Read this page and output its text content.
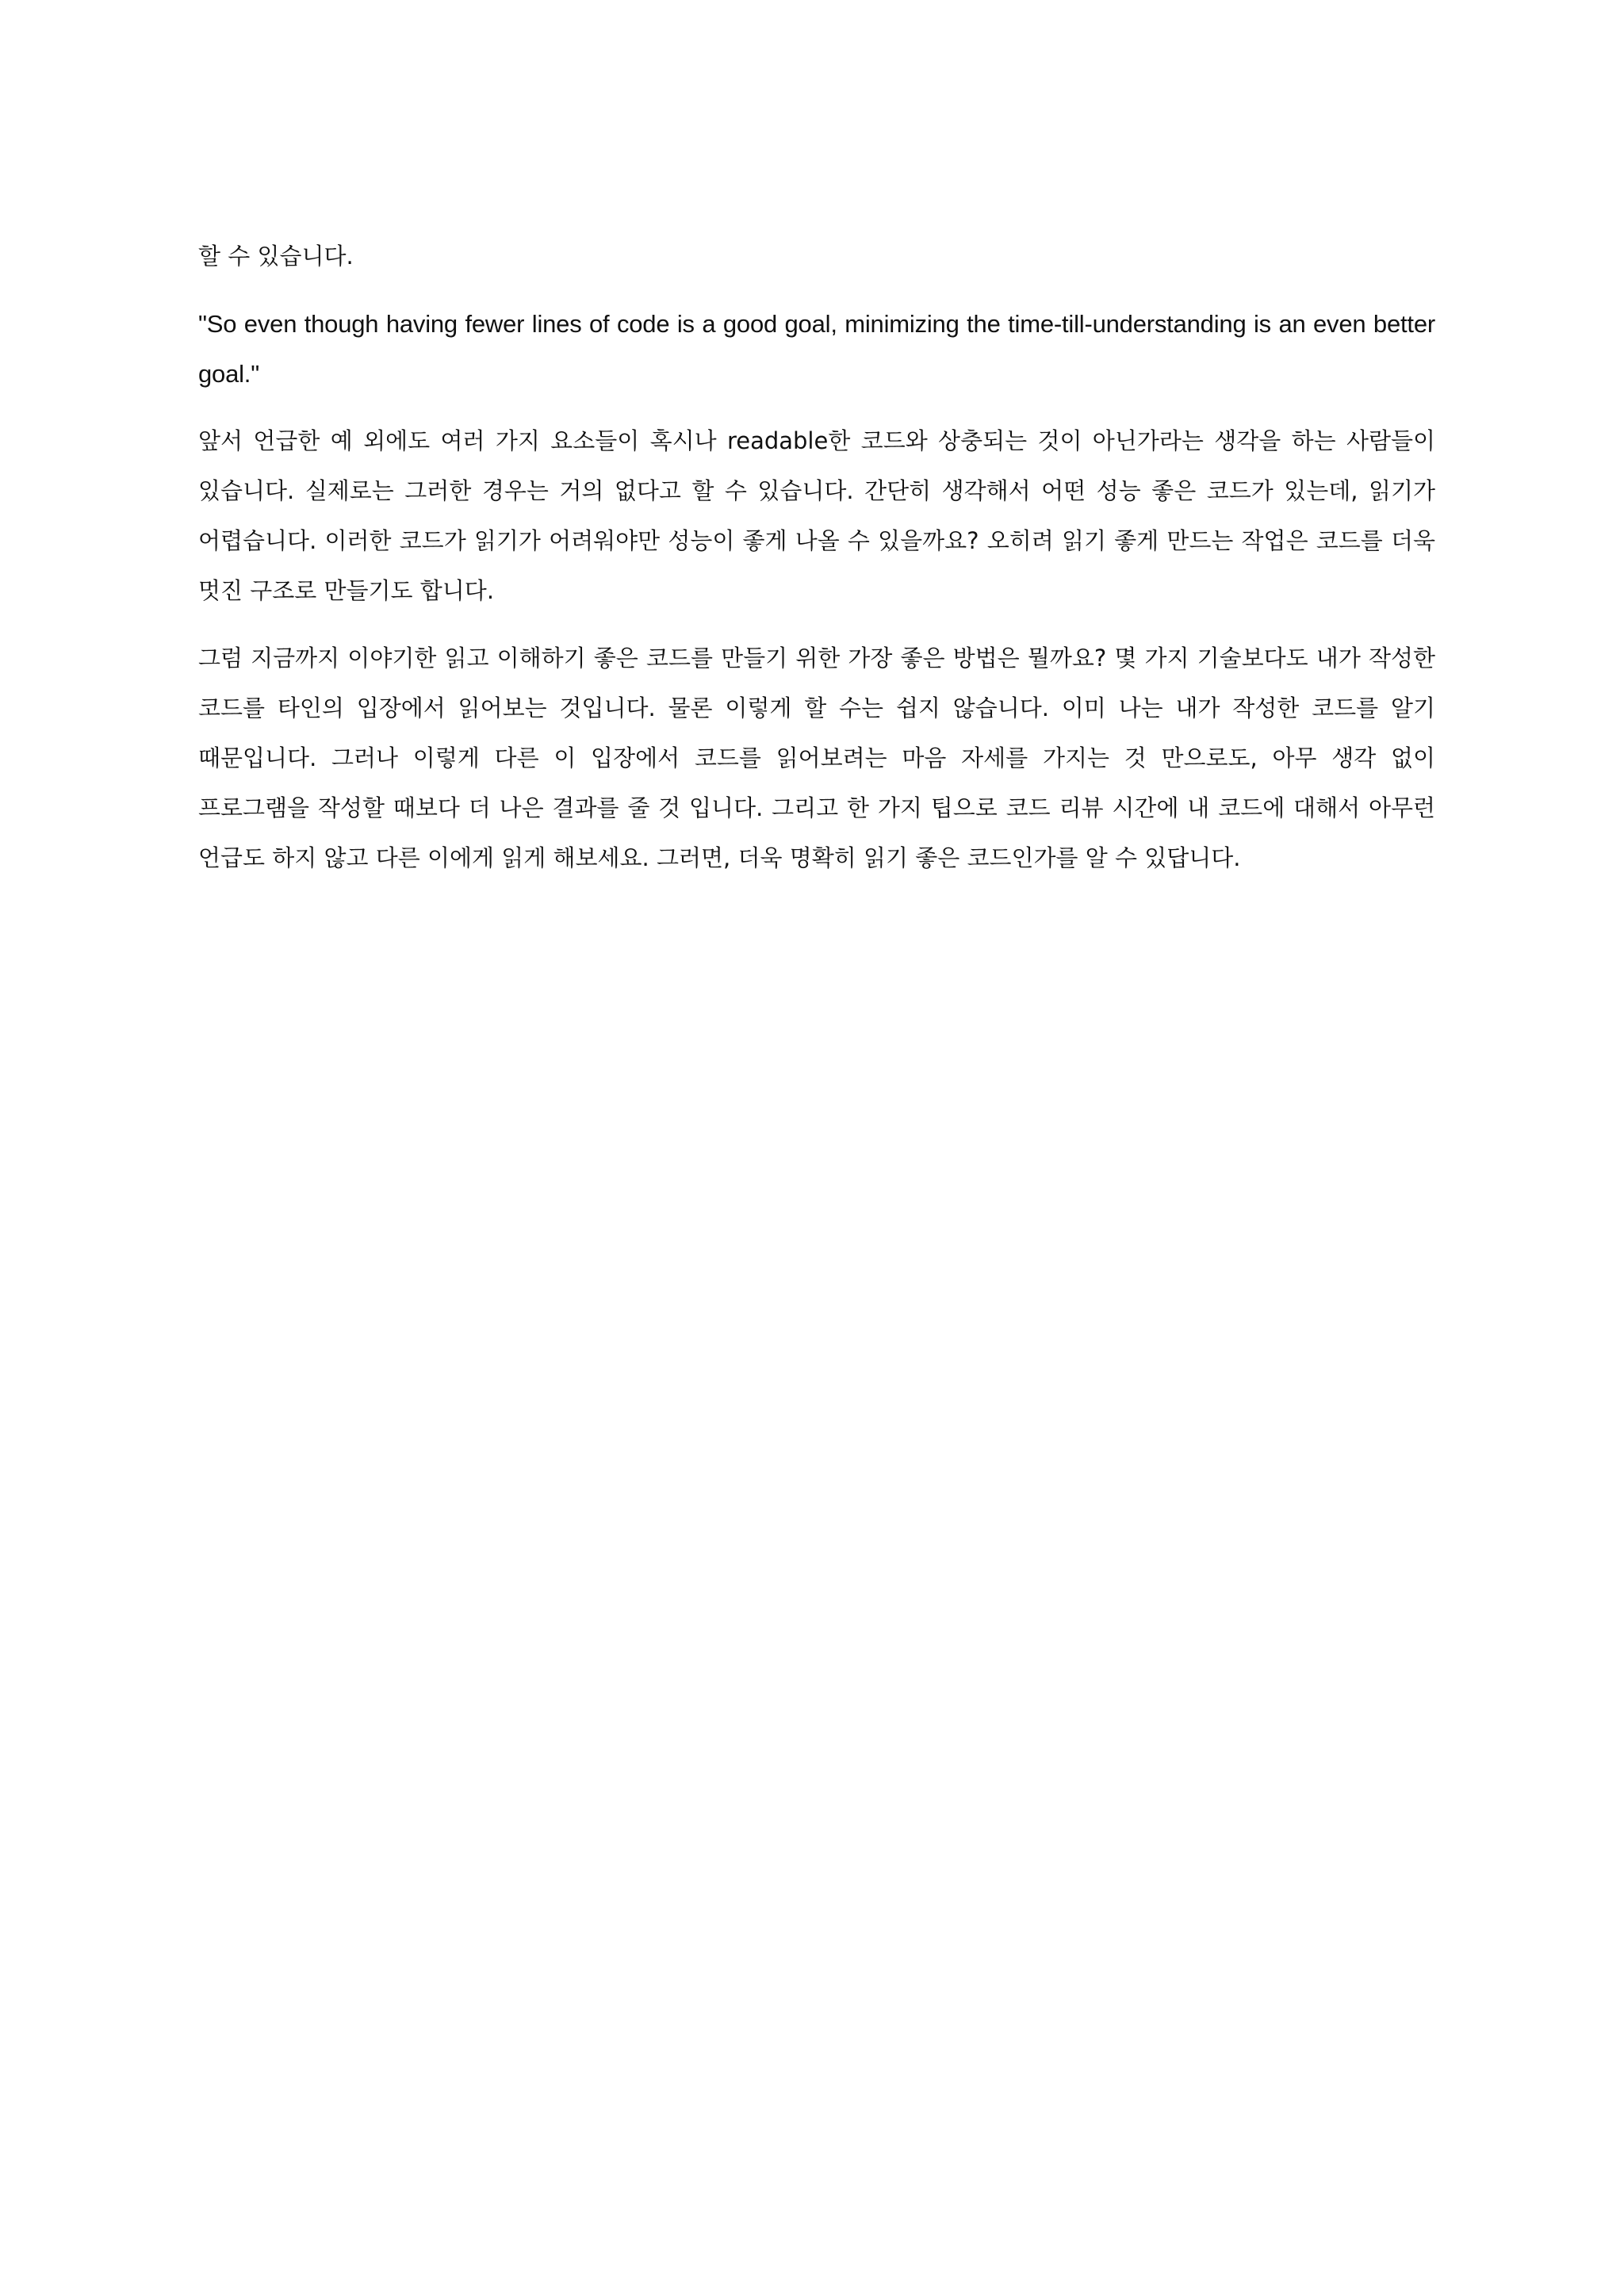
할 수 있습니다.

"So even though having fewer lines of code is a good goal, minimizing the time-till-understanding is an even better goal."

앞서 언급한 예 외에도 여러 가지 요소들이 혹시나 readable한 코드와 상충되는 것이 아닌가라는 생각을 하는 사람들이 있습니다. 실제로는 그러한 경우는 거의 없다고 할 수 있습니다. 간단히 생각해서 어떤 성능 좋은 코드가 있는데, 읽기가 어렵습니다. 이러한 코드가 읽기가 어려워야만 성능이 좋게 나올 수 있을까요? 오히려 읽기 좋게 만드는 작업은 코드를 더욱 멋진 구조로 만들기도 합니다.

그럼 지금까지 이야기한 읽고 이해하기 좋은 코드를 만들기 위한 가장 좋은 방법은 뭘까요? 몇 가지 기술보다도 내가 작성한 코드를 타인의 입장에서 읽어보는 것입니다. 물론 이렇게 할 수는 쉽지 않습니다. 이미 나는 내가 작성한 코드를 알기 때문입니다. 그러나 이렇게 다른 이 입장에서 코드를 읽어보려는 마음 자세를 가지는 것 만으로도, 아무 생각 없이 프로그램을 작성할 때보다 더 나은 결과를 줄 것 입니다. 그리고 한 가지 팁으로 코드 리뷰 시간에 내 코드에 대해서 아무런 언급도 하지 않고 다른 이에게 읽게 해보세요. 그러면, 더욱 명확히 읽기 좋은 코드인가를 알 수 있답니다.
